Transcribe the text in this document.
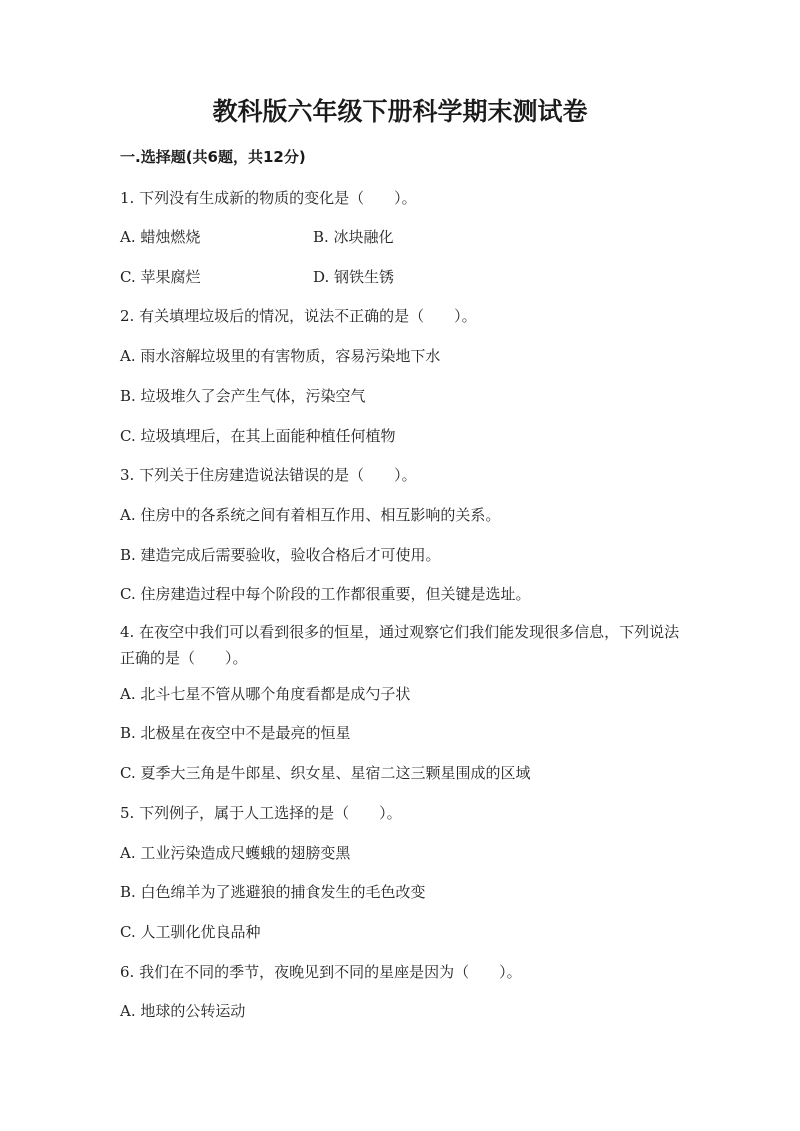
教科版六年级下册科学期末测试卷
一.选择题(共6题，共12分)
1. 下列没有生成新的物质的变化是（　　）。
A. 蜡烛燃烧	B. 冰块融化
C. 苹果腐烂	D. 钢铁生锈
2. 有关填埋垃圾后的情况，说法不正确的是（　　）。
A. 雨水溶解垃圾里的有害物质，容易污染地下水
B. 垃圾堆久了会产生气体，污染空气
C. 垃圾填埋后，在其上面能种植任何植物
3. 下列关于住房建造说法错误的是（　　）。
A. 住房中的各系统之间有着相互作用、相互影响的关系。
B. 建造完成后需要验收，验收合格后才可使用。
C. 住房建造过程中每个阶段的工作都很重要，但关键是选址。
4. 在夜空中我们可以看到很多的恒星，通过观察它们我们能发现很多信息，下列说法正确的是（　　）。
A. 北斗七星不管从哪个角度看都是成勺子状
B. 北极星在夜空中不是最亮的恒星
C. 夏季大三角是牛郎星、织女星、星宿二这三颗星围成的区域
5. 下列例子，属于人工选择的是（　　）。
A. 工业污染造成尺蠖蛾的翅膀变黑
B. 白色绵羊为了逃避狼的捕食发生的毛色改变
C. 人工驯化优良品种
6. 我们在不同的季节，夜晚见到不同的星座是因为（　　）。
A. 地球的公转运动
